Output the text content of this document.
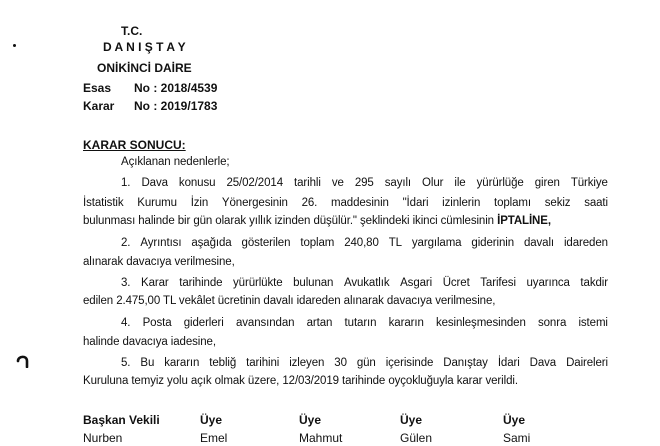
T.C.
D A N I Ş T A Y
ONİKİNCİ DAİRE
Esas No : 2018/4539
Karar No : 2019/1783
KARAR SONUCU:
Açıklanan nedenlerle;
1. Dava konusu 25/02/2014 tarihli ve 295 sayılı Olur ile yürürlüğe giren Türkiye
İstatistik Kurumu İzin Yönergesinin 26. maddesinin "İdari izinlerin toplamı sekiz saati
bulunması halinde bir gün olarak yıllık izinden düşülür." şeklindeki ikinci cümlesinin İPTALİNE,
2. Ayrıntısı aşağıda gösterilen toplam 240,80 TL yargılama giderinin davalı idareden
alınarak davacıya verilmesine,
3. Karar tarihinde yürürlükte bulunan Avukatlık Asgari Ücret Tarifesi uyarınca takdir
edilen 2.475,00 TL vekâlet ücretinin davalı idareden alınarak davacıya verilmesine,
4. Posta giderleri avansından artan tutarın kararın kesinleşmesinden sonra istemi
halinde davacıya iadesine,
5. Bu kararın tebliğ tarihini izleyen 30 gün içerisinde Danıştay İdari Dava Daireleri
Kuruluna temyiz yolu açık olmak üzere, 12/03/2019 tarihinde oyçokluğuyla karar verildi.
Başkan Vekili
Nurben
Üye
Emel
Üye
Mahmut
Üye
Gülen
Üye
Sami
